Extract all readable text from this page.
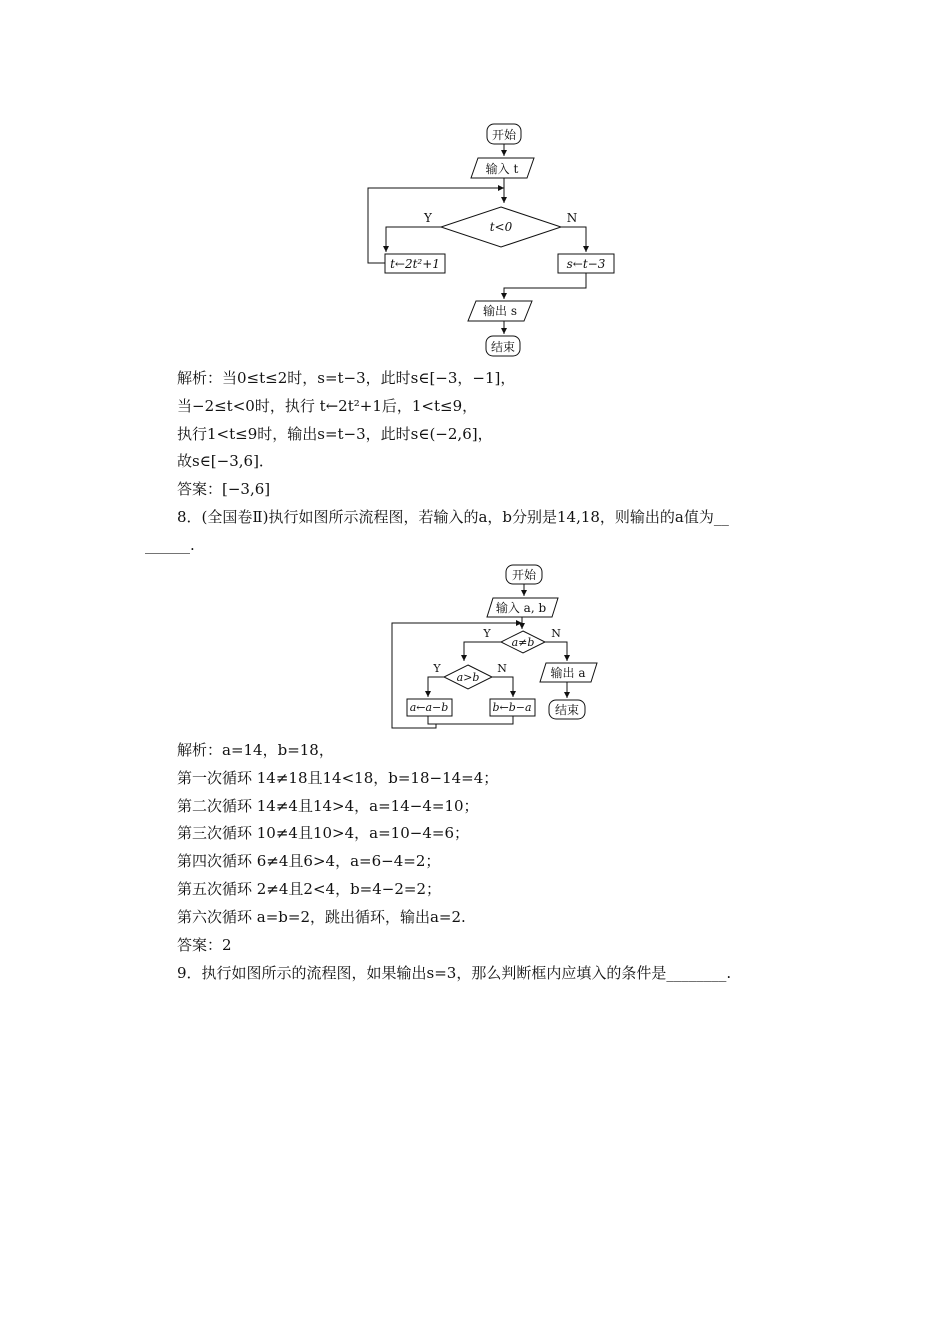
开始
输入 t
t<0
Y	N
t←2t²+1	s←t−3
输出 s
结束
开始
输入 a, b
a≠b
Y	N
a>b
Y	N
a←a−b	b←b−a
输出 a
结束
解析：当0≤t≤2时，s=t−3，此时s∈[−3，−1]，
当−2≤t<0时，执行 t←2t²+1后，1<t≤9，
执行1<t≤9时，输出s=t−3，此时s∈(−2,6]，
故s∈[−3,6]．
答案：[−3,6]
8．(全国卷Ⅱ)执行如图所示流程图，若输入的a，b分别是14,18，则输出的a值为__
______.
解析：a=14，b=18，
第一次循环 14≠18且14<18，b=18−14=4；
第二次循环 14≠4且14>4，a=14−4=10；
第三次循环 10≠4且10>4，a=10−4=6；
第四次循环 6≠4且6>4，a=6−4=2；
第五次循环 2≠4且2<4，b=4−2=2；
第六次循环 a=b=2，跳出循环，输出a=2.
答案：2
9．执行如图所示的流程图，如果输出s=3，那么判断框内应填入的条件是________.
